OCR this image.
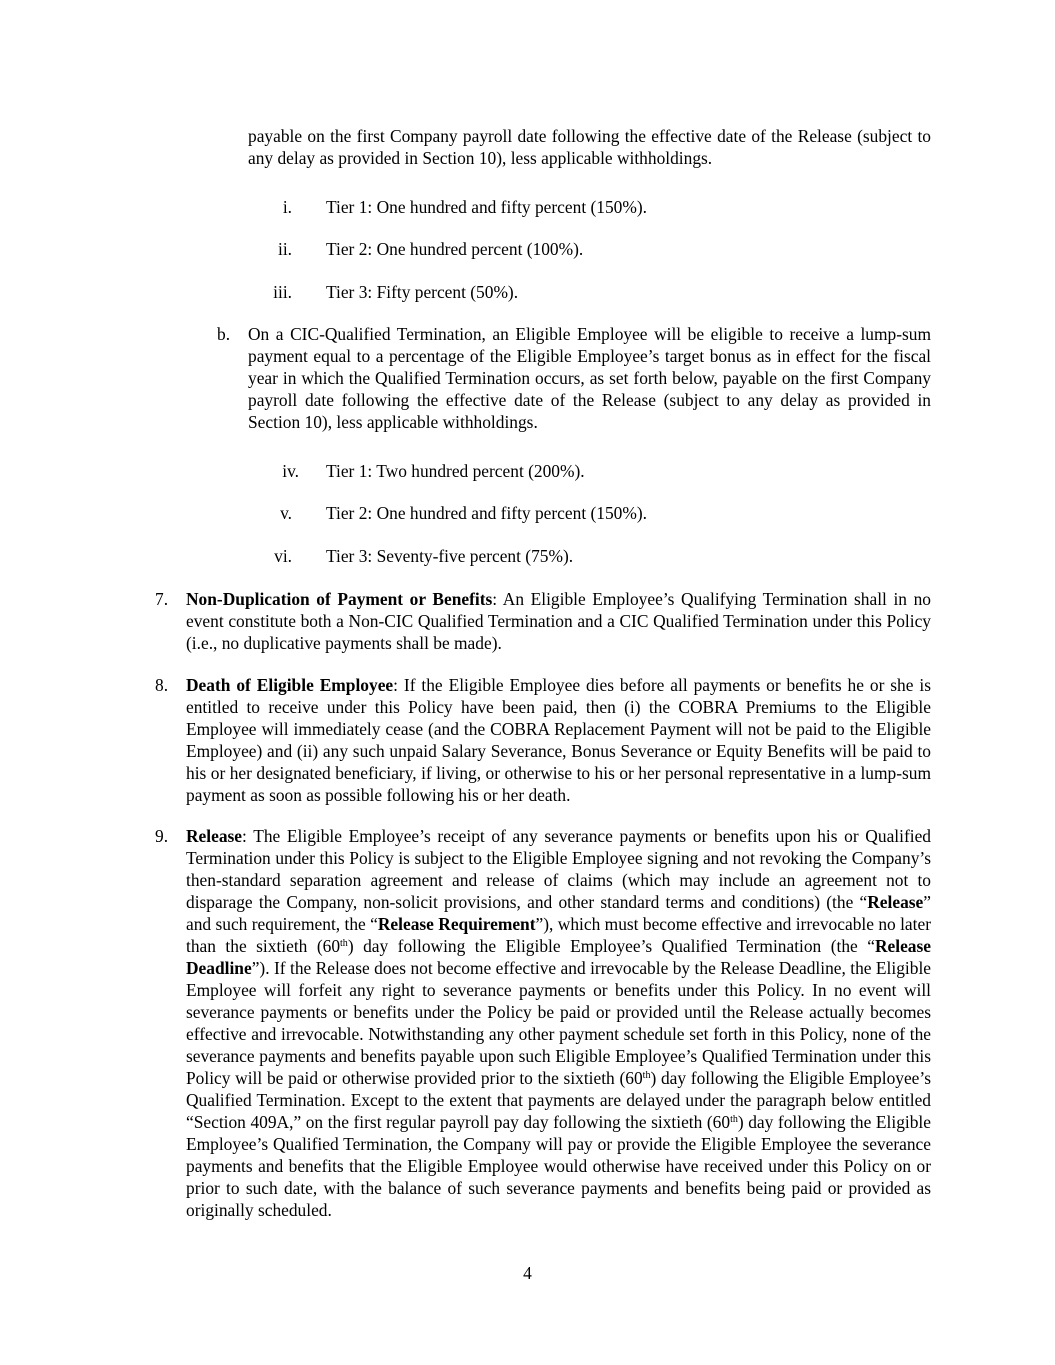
payable on the first Company payroll date following the effective date of the Release (subject to any delay as provided in Section 10), less applicable withholdings.

i. Tier 1: One hundred and fifty percent (150%).
ii. Tier 2: One hundred percent (100%).
iii. Tier 3: Fifty percent (50%).
b. On a CIC-Qualified Termination, an Eligible Employee will be eligible to receive a lump-sum payment equal to a percentage of the Eligible Employee’s target bonus as in effect for the fiscal year in which the Qualified Termination occurs, as set forth below, payable on the first Company payroll date following the effective date of the Release (subject to any delay as provided in Section 10), less applicable withholdings.

iv. Tier 1: Two hundred percent (200%).
v. Tier 2: One hundred and fifty percent (150%).
vi. Tier 3: Seventy-five percent (75%).
7. Non-Duplication of Payment or Benefits: An Eligible Employee’s Qualifying Termination shall in no event constitute both a Non-CIC Qualified Termination and a CIC Qualified Termination under this Policy (i.e., no duplicative payments shall be made).

8. Death of Eligible Employee: If the Eligible Employee dies before all payments or benefits he or she is entitled to receive under this Policy have been paid, then (i) the COBRA Premiums to the Eligible Employee will immediately cease (and the COBRA Replacement Payment will not be paid to the Eligible Employee) and (ii) any such unpaid Salary Severance, Bonus Severance or Equity Benefits will be paid to his or her designated beneficiary, if living, or otherwise to his or her personal representative in a lump-sum payment as soon as possible following his or her death.

9. Release: The Eligible Employee’s receipt of any severance payments or benefits upon his or Qualified Termination under this Policy is subject to the Eligible Employee signing and not revoking the Company’s then-standard separation agreement and release of claims (which may include an agreement not to disparage the Company, non-solicit provisions, and other standard terms and conditions) (the “Release” and such requirement, the “Release Requirement”), which must become effective and irrevocable no later than the sixtieth (60th) day following the Eligible Employee’s Qualified Termination (the “Release Deadline”). If the Release does not become effective and irrevocable by the Release Deadline, the Eligible Employee will forfeit any right to severance payments or benefits under this Policy. In no event will severance payments or benefits under the Policy be paid or provided until the Release actually becomes effective and irrevocable. Notwithstanding any other payment schedule set forth in this Policy, none of the severance payments and benefits payable upon such Eligible Employee’s Qualified Termination under this Policy will be paid or otherwise provided prior to the sixtieth (60th) day following the Eligible Employee’s Qualified Termination. Except to the extent that payments are delayed under the paragraph below entitled “Section 409A,” on the first regular payroll pay day following the sixtieth (60th) day following the Eligible Employee’s Qualified Termination, the Company will pay or provide the Eligible Employee the severance payments and benefits that the Eligible Employee would otherwise have received under this Policy on or prior to such date, with the balance of such severance payments and benefits being paid or provided as originally scheduled.

4
